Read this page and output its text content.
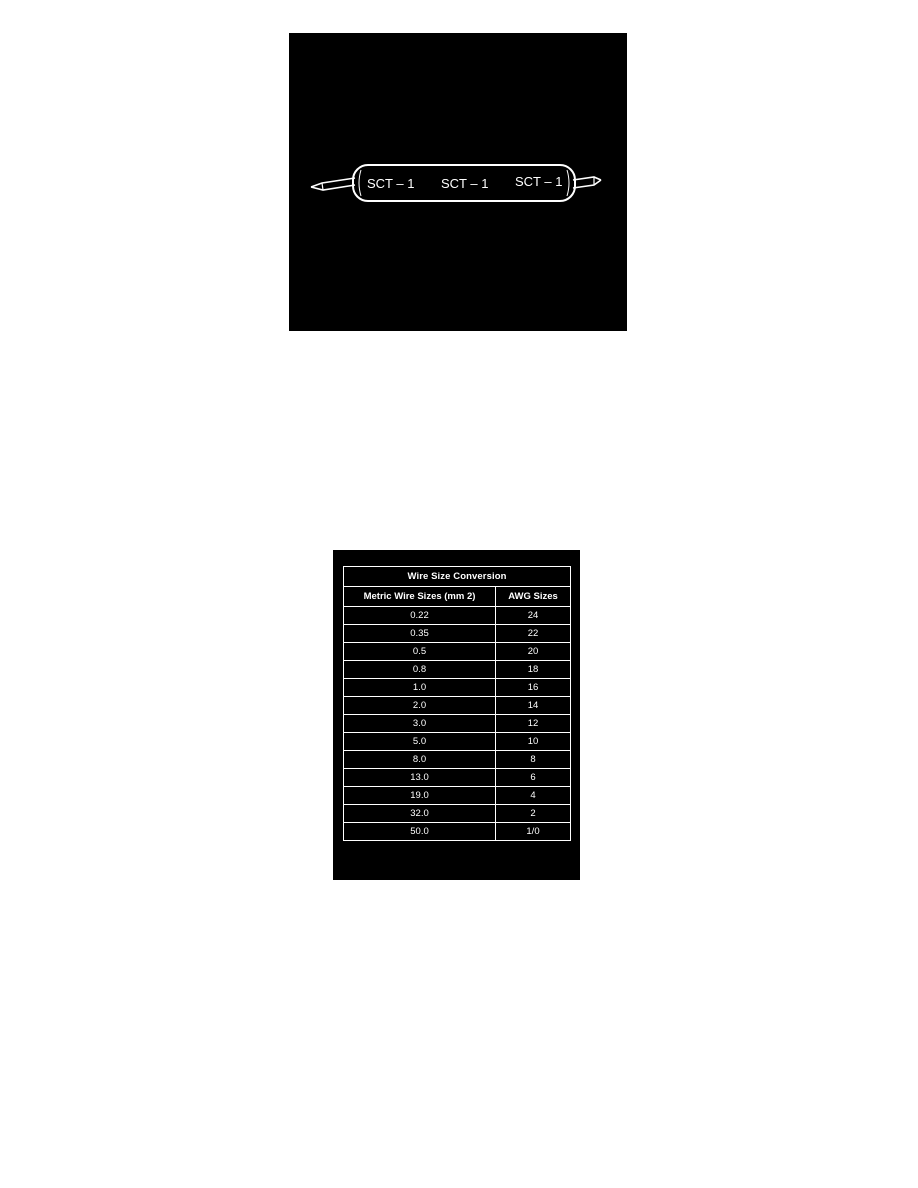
SCT – 1 SCT – 1 SCT – 1
Wire Size Conversion	
Metric Wire Sizes (mm 2)	AWG Sizes
0.22	24
0.35	22
0.5	20
0.8	18
1.0	16
2.0	14
3.0	12
5.0	10
8.0	8
13.0	6
19.0	4
32.0	2
50.0	1/0
